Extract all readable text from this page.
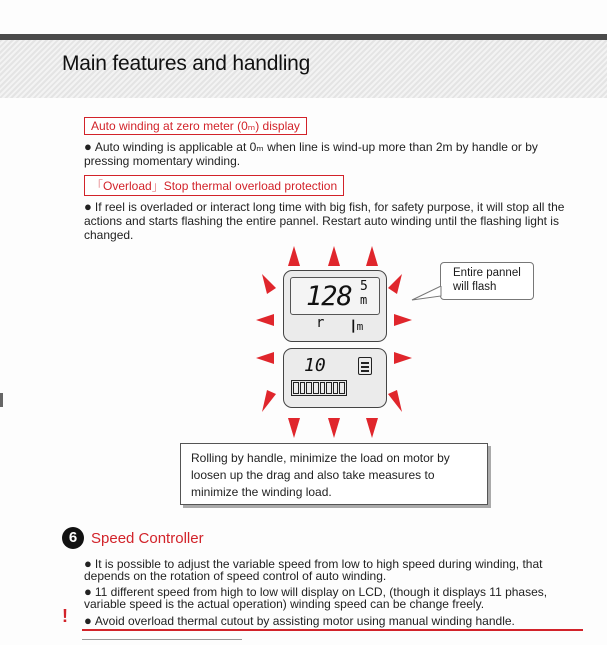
Main features and handling
Auto winding at zero meter (0ₘ) display
● Auto winding is applicable at 0ₘ when line is wind-up more than 2m by handle or by pressing momentary winding.
「Overload」Stop thermal overload protection
● If reel is overladed or interact long time with big fish, for safety purpose, it will stop all the actions and starts flashing the entire pannel. Restart auto winding until the flashing light is changed.
128 5
m
r ┃m
10
Entire pannel
will flash
Rolling by handle, minimize the load on motor by loosen up the drag and also take measures to minimize the winding load.
6 Speed Controller
● It is possible to adjust the variable speed from low to high speed during winding, that depends on the rotation of speed control of auto winding.
● 11 different speed from high to low will display on LCD, (though it displays 11 phases, variable speed is the actual operation) winding speed can be change freely.
! ● Avoid overload thermal cutout by assisting motor using manual winding handle.
